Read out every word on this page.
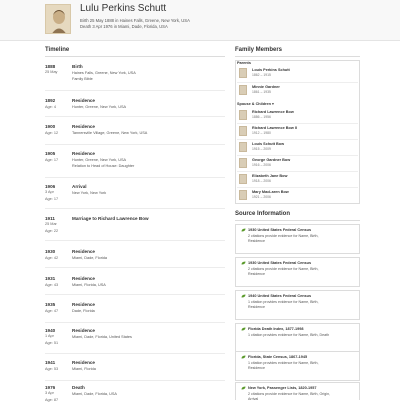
Lulu Perkins Schutt
Birth 25 May 1888 in Haines Falls, Greene, New York, USA
Death 3 Apr 1976 in Miami, Dade, Florida, USA
Timeline
1888
25 May
Birth
Haines Falls, Greene, New York, USA
Family Bible
1892
Age: 4
Residence
Hunter, Greene, New York, USA
1900
Age: 12
Residence
Tannersville Village, Greene, New York, USA
1905
Age: 17
Residence
Hunter, Greene, New York, USA
Relation to Head of House: Daughter
1906
3 Apr
Age: 17
Arrival
New York, New York
1911
25 Mar
Age: 22
Marriage to Richard Lawrence Bow
1930
Age: 42
Residence
Miami, Dade, Florida
1931
Age: 43
Residence
Miami, Florida, USA
1935
Age: 47
Residence
Dade, Florida
1940
1 Apr
Age: 51
Residence
Miami, Dade, Florida, United States
1941
Age: 53
Residence
Miami, Florida
1976
3 Apr
Age: 87
Death
Miami, Dade, Florida, USA
Family Members
Parents
Louis Perkins Schutt
1862 – 1915
Minnie Gardner
1861 – 1935
Spouse & Children ▾
Richard Lawrence Bow
1886 – 1956
Richard Lawrence Bow II
1912 – 1980
Louis Schutt Bow
1915 – 2009
George Gardner Bow
1916 – 2006
Elizabeth Jane Bow
1918 – 2006
Mary MacLaren Bow
1921 – 2006
Source Information
1930 United States Federal Census
2 citations provide evidence for Name, Birth,
Residence
1930 United States Federal Census
2 citations provide evidence for Name, Birth,
Residence
1940 United States Federal Census
1 citation provides evidence for Name, Birth,
Residence
Florida Death Index, 1877-1998
1 citation provides evidence for Name, Birth, Death
Florida, State Census, 1867-1945
1 citation provides evidence for Name, Birth,
Residence
New York, Passenger Lists, 1820-1957
2 citations provide evidence for Name, Birth, Origin,
Arrival
